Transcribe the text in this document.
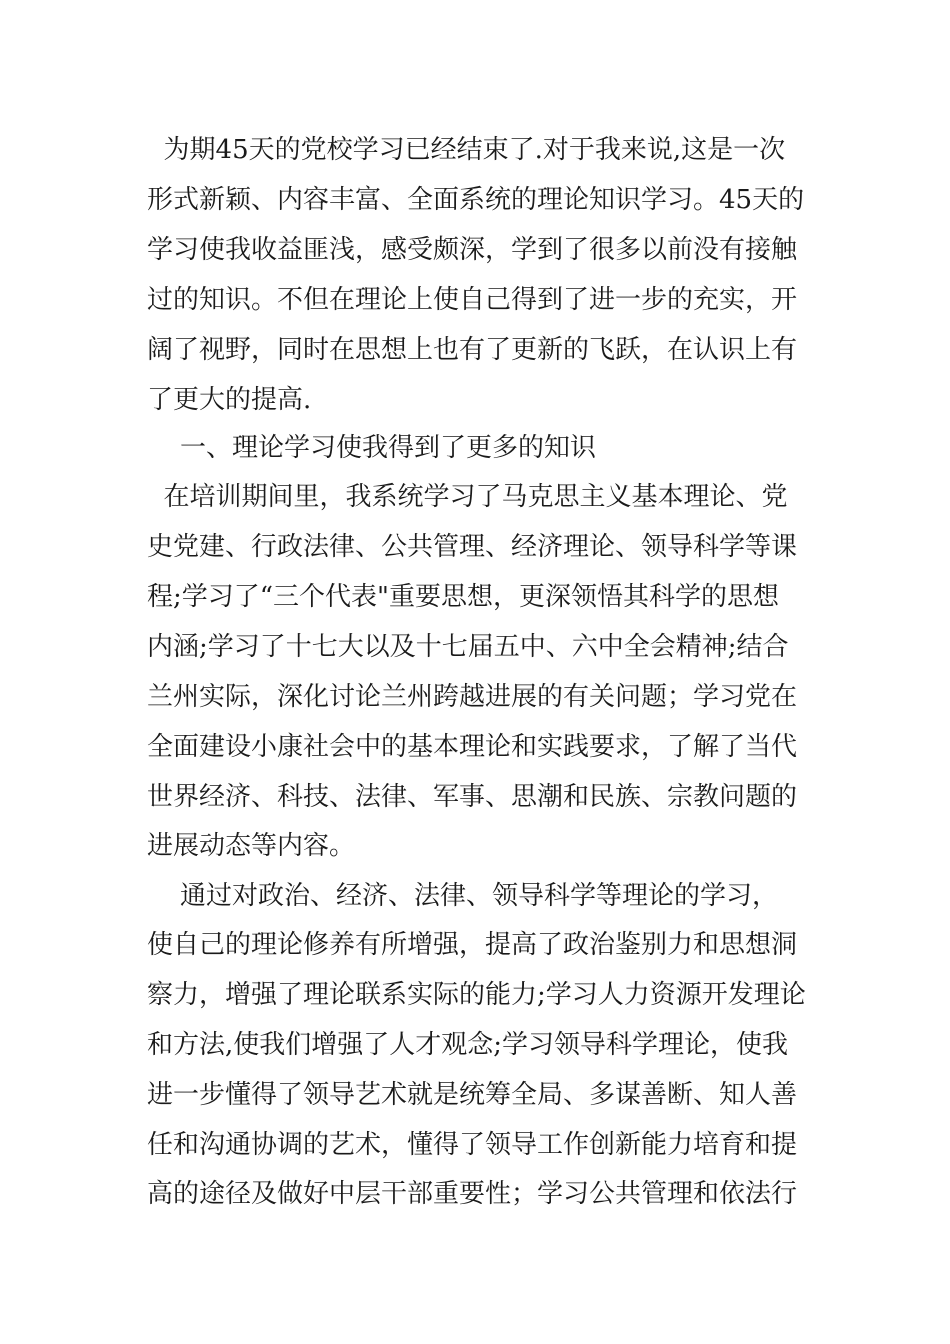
为期45天的党校学习已经结束了.对于我来说,这是一次
形式新颖、内容丰富、全面系统的理论知识学习。45天的
学习使我收益匪浅，感受颇深，学到了很多以前没有接触
过的知识。不但在理论上使自己得到了进一步的充实，开
阔了视野，同时在思想上也有了更新的飞跃，在认识上有
了更大的提高.
一、理论学习使我得到了更多的知识
在培训期间里，我系统学习了马克思主义基本理论、党
史党建、行政法律、公共管理、经济理论、领导科学等课
程;学习了“三个代表"重要思想，更深领悟其科学的思想
内涵;学习了十七大以及十七届五中、六中全会精神;结合
兰州实际，深化讨论兰州跨越进展的有关问题；学习党在
全面建设小康社会中的基本理论和实践要求，了解了当代
世界经济、科技、法律、军事、思潮和民族、宗教问题的
进展动态等内容。
通过对政治、经济、法律、领导科学等理论的学习，
使自己的理论修养有所增强，提高了政治鉴别力和思想洞
察力，增强了理论联系实际的能力;学习人力资源开发理论
和方法,使我们增强了人才观念;学习领导科学理论，使我
进一步懂得了领导艺术就是统筹全局、多谋善断、知人善
任和沟通协调的艺术，懂得了领导工作创新能力培育和提
高的途径及做好中层干部重要性；学习公共管理和依法行
